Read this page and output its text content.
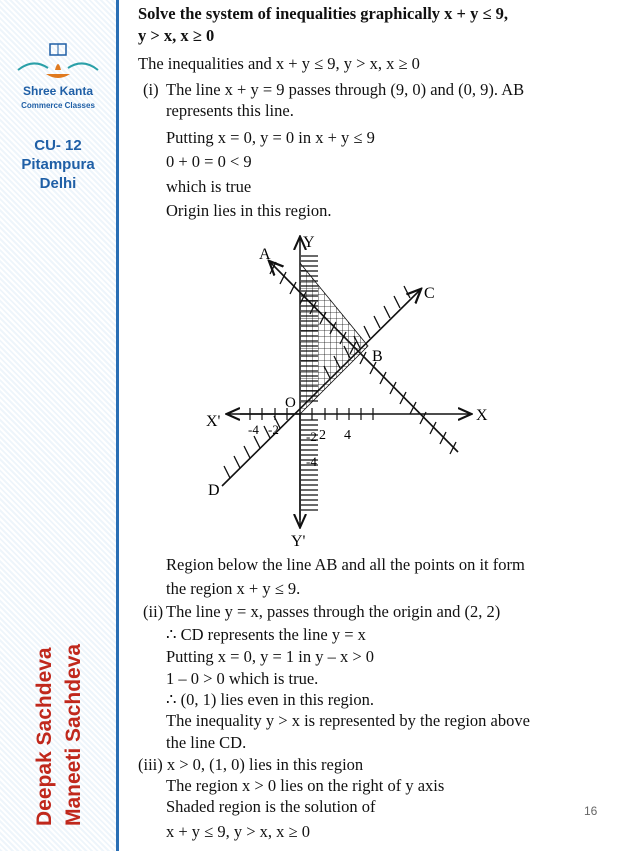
Shree Kanta
Commerce Classes
CU- 12
Pitampura
Delhi
Deepak Sachdeva Maneeti Sachdeva
Solve the system of inequalities graphically x + y ≤ 9,
y > x, x ≥ 0
The inequalities and x + y ≤ 9, y > x, x ≥ 0
(i) The line x + y = 9 passes through (9, 0) and (0, 9). AB
represents this line.
Putting x = 0, y = 0 in x + y ≤ 9
0 + 0 = 0 < 9
which is true
Origin lies in this region.
Y
Y'
X
X'
A
B
C
D
O
2 4
-4 -2 -2
-4
Region below the line AB and all the points on it form
the region x + y ≤ 9.
(ii) The line y = x, passes through the origin and (2, 2)
∴ CD represents the line y = x
Putting x = 0, y = 1 in y – x > 0
1 – 0 > 0 which is true.
∴ (0, 1) lies even in this region.
The inequality y > x is represented by the region above
the line CD.
(iii) x > 0, (1, 0) lies in this region
The region x > 0 lies on the right of y axis
Shaded region is the solution of
x + y ≤ 9, y > x, x ≥ 0
16
